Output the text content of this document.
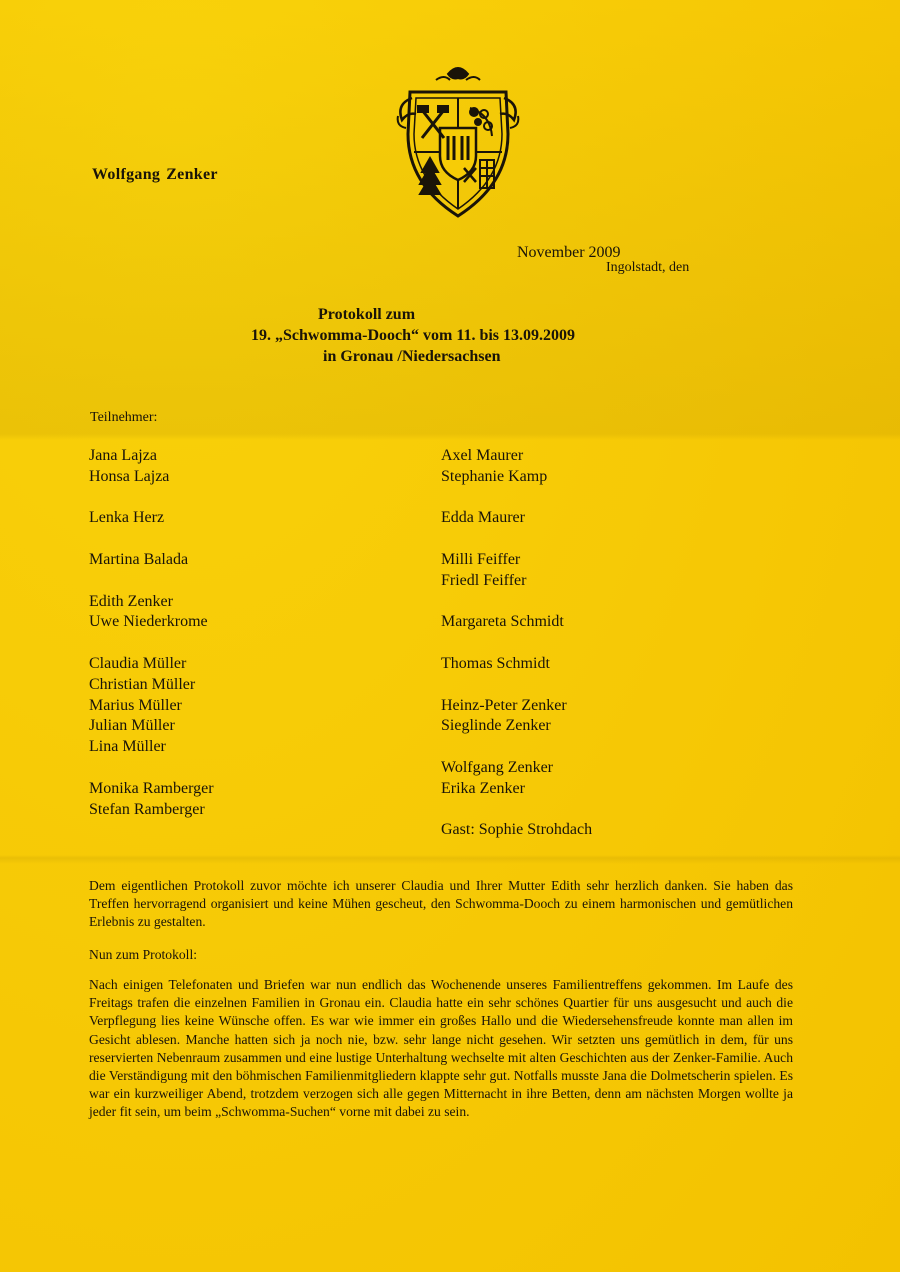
Wolfgang Zenker
November 2009
Ingolstadt, den
Protokoll zum
19. „Schwomma-Dooch“ vom 11. bis 13.09.2009
in Gronau /Niedersachsen
Teilnehmer:
Jana Lajza
Honsa Lajza
Lenka Herz
Martina Balada
Edith Zenker
Uwe Niederkrome
Claudia Müller
Christian Müller
Marius Müller
Julian Müller
Lina Müller
Monika Ramberger
Stefan Ramberger
Axel Maurer
Stephanie Kamp
Edda Maurer
Milli Feiffer
Friedl Feiffer
Margareta Schmidt
Thomas Schmidt
Heinz-Peter Zenker
Sieglinde Zenker
Wolfgang Zenker
Erika Zenker
Gast: Sophie Strohdach
Dem eigentlichen Protokoll zuvor möchte ich unserer Claudia und Ihrer Mutter Edith sehr herzlich danken. Sie haben das Treffen hervorragend organisiert und keine Mühen gescheut, den Schwomma-Dooch zu einem harmonischen und gemütlichen Erlebnis zu gestalten.
Nun zum Protokoll:
Nach einigen Telefonaten und Briefen war nun endlich das Wochenende unseres Familientreffens gekommen. Im Laufe des Freitags trafen die einzelnen Familien in Gronau ein. Claudia hatte ein sehr schönes Quartier für uns ausgesucht und auch die Verpflegung lies keine Wünsche offen. Es war wie immer ein großes Hallo und die Wiedersehensfreude konnte man allen im Gesicht ablesen. Manche hatten sich ja noch nie, bzw. sehr lange nicht gesehen. Wir setzten uns gemütlich in dem, für uns reservierten Nebenraum zusammen und eine lustige Unterhaltung wechselte mit alten Geschichten aus der Zenker-Familie. Auch die Verständigung mit den böhmischen Familienmitgliedern klappte sehr gut. Notfalls musste Jana die Dolmetscherin spielen. Es war ein kurzweiliger Abend, trotzdem verzogen sich alle gegen Mitternacht in ihre Betten, denn am nächsten Morgen wollte ja jeder fit sein, um beim „Schwomma-Suchen“ vorne mit dabei zu sein.
